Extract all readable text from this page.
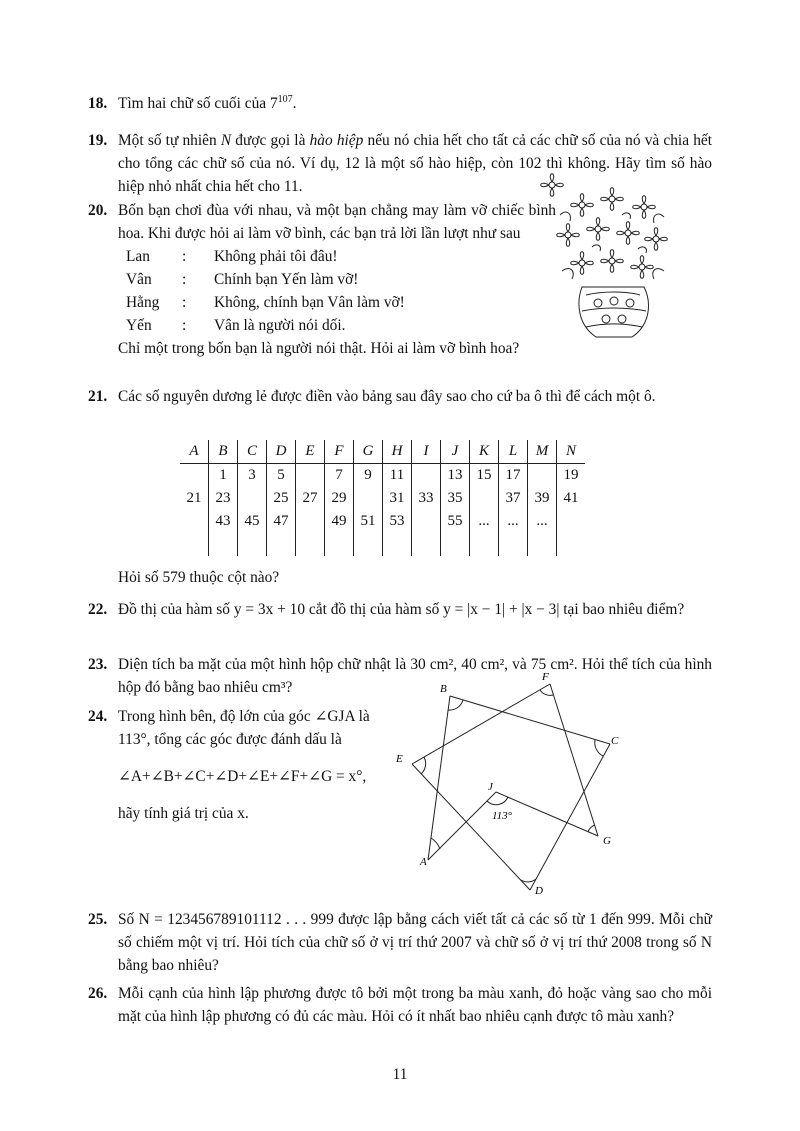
18. Tìm hai chữ số cuối của $7^{107}$.
19. Một số tự nhiên N được gọi là hào hiệp nếu nó chia hết cho tất cả các chữ số của nó và chia hết cho tổng các chữ số của nó. Ví dụ, 12 là một số hào hiệp, còn 102 thì không. Hãy tìm số hào hiệp nhỏ nhất chia hết cho 11.
20. Bốn bạn chơi đùa với nhau, và một bạn chẳng may làm vỡ chiếc bình hoa. Khi được hỏi ai làm vỡ bình, các bạn trả lời lần lượt như sau

Lan	:	Không phải tôi đâu!
Vân	:	Chính bạn Yến làm vỡ!
Hằng	:	Không, chính bạn Vân làm vỡ!
Yến	:	Vân là người nói dối.

Chỉ một trong bốn bạn là người nói thật. Hỏi ai làm vỡ bình hoa?

21. Các số nguyên dương lẻ được điền vào bảng sau đây sao cho cứ ba ô thì để cách một ô.
A	B	C	D	E	F	G	H	I	J	K	L	M	N
	1	3	5		7	9	11		13	15	17		19
21	23		25	27	29		31	33	35		37	39	41
	43	45	47		49	51	53		55	...	...	...	

Hỏi số 579 thuộc cột nào?
22. Đồ thị của hàm số y = 3x + 10 cắt đồ thị của hàm số y = |x − 1| + |x − 3| tại bao nhiêu điểm?
23. Diện tích ba mặt của một hình hộp chữ nhật là 30 cm², 40 cm², và 75 cm². Hỏi thể tích của hình hộp đó bằng bao nhiêu cm³?
24. Trong hình bên, độ lớn của góc ∠GJA là 113°, tổng các góc được đánh dấu là

∠A+∠B+∠C+∠D+∠E+∠F+∠G = x°,

hãy tính giá trị của x.

A
B
C
D
E
F
G
J
113°
25. Số N = 123456789101112 . . . 999 được lập bằng cách viết tất cả các số từ 1 đến 999. Mỗi chữ số chiếm một vị trí. Hỏi tích của chữ số ở vị trí thứ 2007 và chữ số ở vị trí thứ 2008 trong số N bằng bao nhiêu?
26. Mỗi cạnh của hình lập phương được tô bởi một trong ba màu xanh, đỏ hoặc vàng sao cho mỗi mặt của hình lập phương có đủ các màu. Hỏi có ít nhất bao nhiêu cạnh được tô màu xanh?
11
